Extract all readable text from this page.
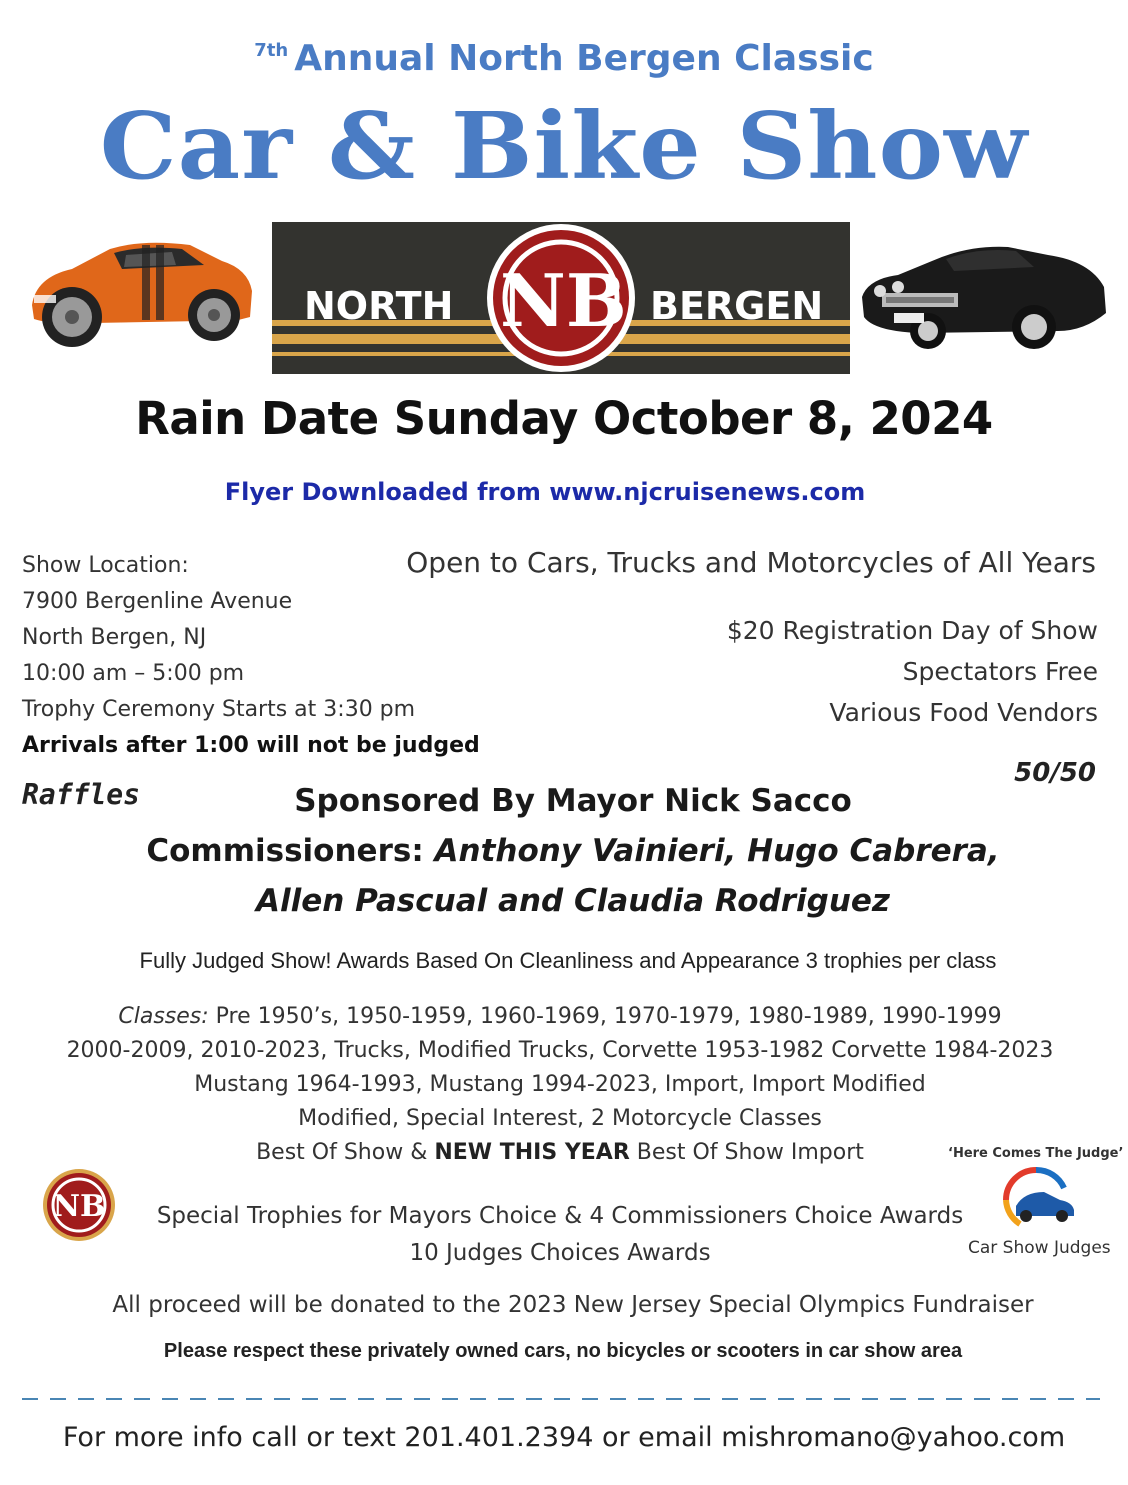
$^{7th}$ Annual North Bergen Classic
Car & Bike Show
NORTH NB BERGEN
Rain Date Sunday October 8, 2024
Flyer Downloaded from www.njcruisenews.com
Show Location:
7900 Bergenline Avenue
North Bergen, NJ
10:00 am – 5:00 pm
Trophy Ceremony Starts at 3:30 pm
Arrivals after 1:00 will not be judged
Open to Cars, Trucks and Motorcycles of All Years
$20 Registration Day of Show
Spectators Free
Various Food Vendors
Raffles
50/50
Sponsored By Mayor Nick Sacco
Commissioners: Anthony Vainieri, Hugo Cabrera,
Allen Pascual and Claudia Rodriguez
Fully Judged Show! Awards Based On Cleanliness and Appearance 3 trophies per class
Classes: Pre 1950’s, 1950-1959, 1960-1969, 1970-1979, 1980-1989, 1990-1999
2000-2009, 2010-2023, Trucks, Modified Trucks, Corvette 1953-1982 Corvette 1984-2023
Mustang 1964-1993, Mustang 1994-2023, Import, Import Modified
Modified, Special Interest, 2 Motorcycle Classes
Best Of Show & NEW THIS YEAR Best Of Show Import
NB
‘Here Comes The Judge’
Car Show Judges
Special Trophies for Mayors Choice & 4 Commissioners Choice Awards
10 Judges Choices Awards
All proceed will be donated to the 2023 New Jersey Special Olympics Fundraiser
Please respect these privately owned cars, no bicycles or scooters in car show area
For more info call or text 201.401.2394 or email mishromano@yahoo.com
